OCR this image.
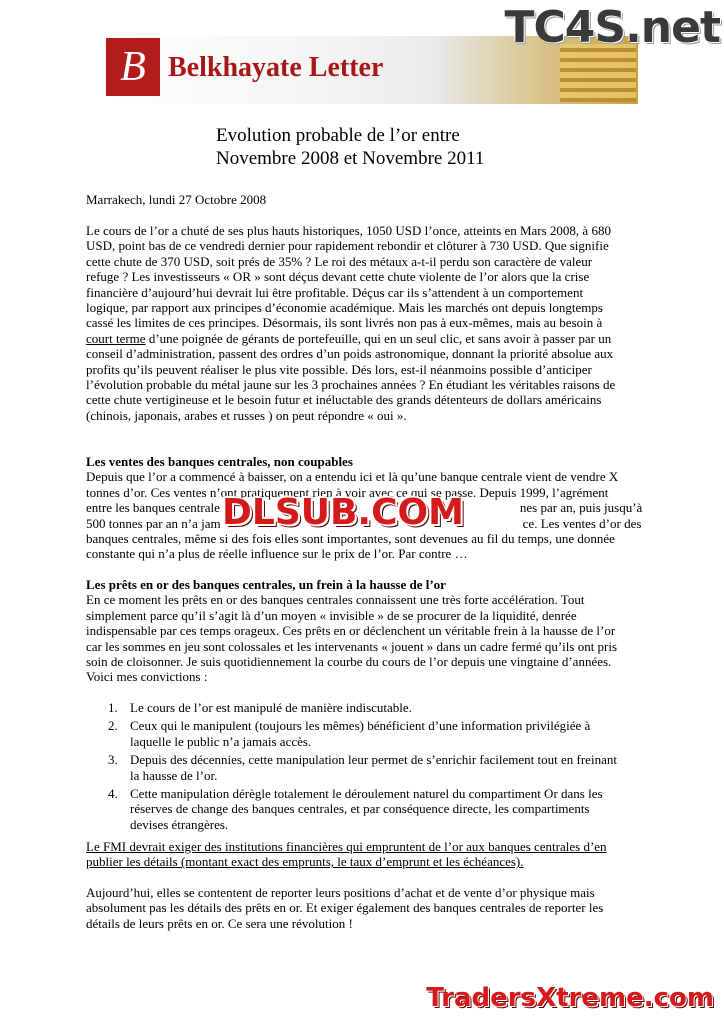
B Belkhayate Letter
TC4S.net
Evolution probable de l’or entre
Novembre 2008 et Novembre 2011
Marrakech, lundi 27 Octobre 2008
Le cours de l’or a chuté de ses plus hauts historiques, 1050 USD l’once, atteints en Mars 2008, à 680
USD, point bas de ce vendredi dernier pour rapidement rebondir et clôturer à 730 USD. Que signifie
cette chute de 370 USD, soit prés de 35% ? Le roi des métaux a-t-il perdu son caractère de valeur
refuge ? Les investisseurs « OR » sont déçus devant cette chute violente de l’or alors que la crise
financière d’aujourd’hui devrait lui être profitable. Déçus car ils s’attendent à un comportement
logique, par rapport aux principes d’économie académique. Mais les marchés ont depuis longtemps
cassé les limites de ces principes. Désormais, ils sont livrés non pas à eux-mêmes, mais au besoin à
court terme d’une poignée de gérants de portefeuille, qui en un seul clic, et sans avoir à passer par un
conseil d’administration, passent des ordres d’un poids astronomique, donnant la priorité absolue aux
profits qu’ils peuvent réaliser le plus vite possible. Dés lors, est-il néanmoins possible d’anticiper
l’évolution probable du métal jaune sur les 3 prochaines années ? En étudiant les véritables raisons de
cette chute vertigineuse et le besoin futur et inéluctable des grands détenteurs de dollars américains
(chinois, japonais, arabes et russes ) on peut répondre « oui ».
Les ventes des banques centrales, non coupables
Depuis que l’or a commencé à baisser, on a entendu ici et là qu’une banque centrale vient de vendre X
tonnes d’or. Ces ventes n’ont pratiquement rien à voir avec ce qui se passe. Depuis 1999, l’agrément
entre les banques centrale	nes par an, puis jusqu’à
500 tonnes par an n’a jam	ce. Les ventes d’or des
banques centrales, même si des fois elles sont importantes, sont devenues au fil du temps, une donnée
constante qui n’a plus de réelle influence sur le prix de l’or. Par contre …
DLSUB.COM
Les prêts en or des banques centrales, un frein à la hausse de l’or
En ce moment les prêts en or des banques centrales connaissent une très forte accélération. Tout
simplement parce qu’il s’agit là d’un moyen « invisible » de se procurer de la liquidité, denrée
indispensable par ces temps orageux. Ces prêts en or déclenchent un véritable frein à la hausse de l’or
car les sommes en jeu sont colossales et les intervenants « jouent » dans un cadre fermé qu’ils ont pris
soin de cloisonner. Je suis quotidiennement la courbe du cours de l’or depuis une vingtaine d’années.
Voici mes convictions :
1. Le cours de l’or est manipulé de manière indiscutable.
2. Ceux qui le manipulent (toujours les mêmes) bénéficient d’une information privilégiée à
laquelle le public n’a jamais accès.
3. Depuis des décennies, cette manipulation leur permet de s’enrichir facilement tout en freinant
la hausse de l’or.
4. Cette manipulation dérègle totalement le déroulement naturel du compartiment Or dans les
réserves de change des banques centrales, et par conséquence directe, les compartiments
devises étrangères.
Le FMI devrait exiger des institutions financières qui empruntent de l’or aux banques centrales d’en
publier les détails (montant exact des emprunts, le taux d’emprunt et les échéances).
Aujourd’hui, elles se contentent de reporter leurs positions d’achat et de vente d’or physique mais
absolument pas les détails des prêts en or. Et exiger également des banques centrales de reporter les
détails de leurs prêts en or. Ce sera une révolution !
TradersXtreme.com
